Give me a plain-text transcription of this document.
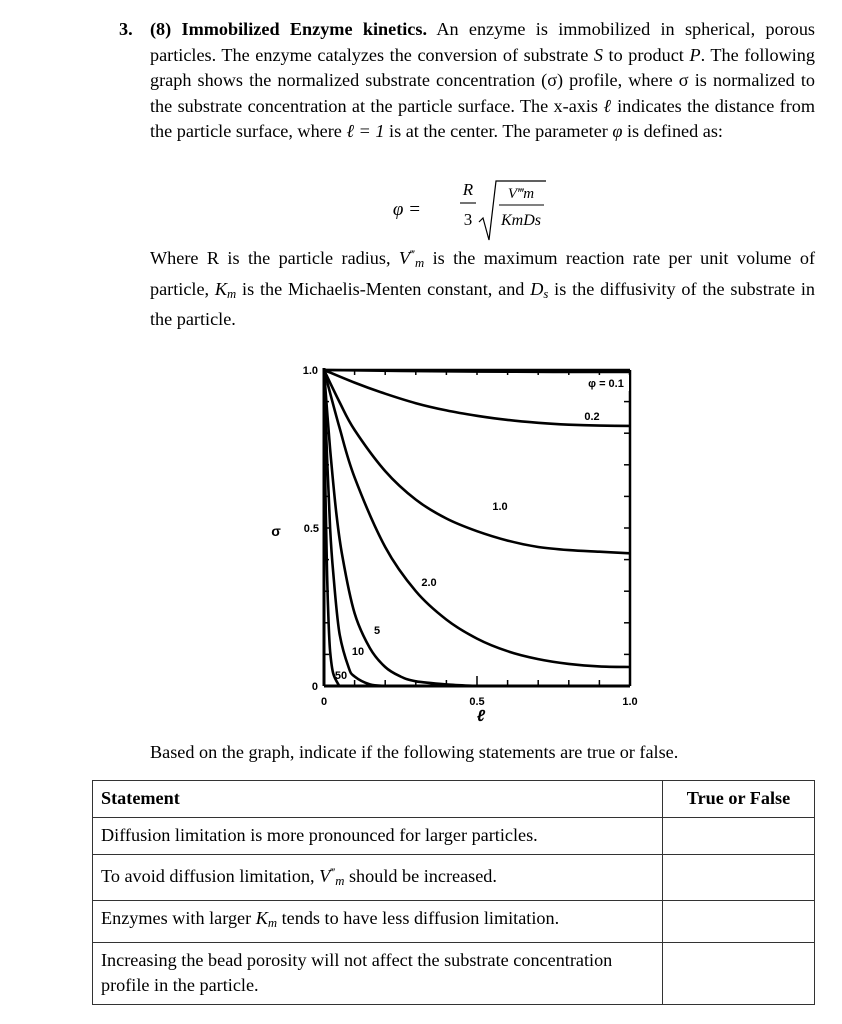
3. (8) Immobilized Enzyme kinetics. An enzyme is immobilized in spherical, porous particles. The enzyme catalyzes the conversion of substrate S to product P. The following graph shows the normalized substrate concentration (σ) profile, where σ is normalized to the substrate concentration at the particle surface. The x-axis ℓ indicates the distance from the particle surface, where ℓ = 1 is at the center. The parameter φ is defined as:
φ =
R
3
V‴m
KmDs
Where R is the particle radius, $V^‴_m$ is the maximum reaction rate per unit volume of particle, $K_m$ is the Michaelis-Menten constant, and $D_s$ is the diffusivity of the substrate in the particle.
0	0.5	1.0
0
0.5
1.0
ℓ
σ
φ = 0.1
0.2
1.0
2.0
5
10
50
Based on the graph, indicate if the following statements are true or false.
Statement	True or False
Diffusion limitation is more pronounced for larger particles.	
To avoid diffusion limitation, $V^‴_m$ should be increased.	
Enzymes with larger $K_m$ tends to have less diffusion limitation.	
Increasing the bead porosity will not affect the substrate concentration profile in the particle.	
